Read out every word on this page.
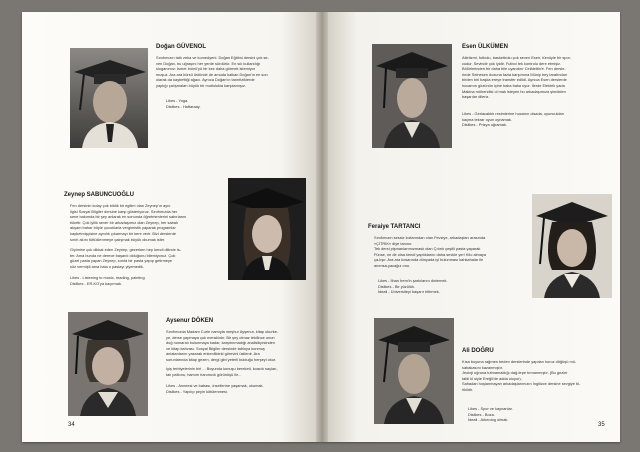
Doğan GÜVENOL
Sınıfımızın tatlı zeka ve komedyeni. Doğan Eğitimi dersini çok se-
ven Doğan, bu uğraşını her yerde sürdürür. En sık kullandığı
sloganımız: İsmet İnönü'yü bir kez daha görmek istemiyor
muşuz. Ara ara kürsü üstünde de amuda kalkan Doğan'ın en son
olarak da kaybettiği ağacı. Aynıca Doğan'ın tanrıfiziklerde
yaptığı çalışmaları büyük bir mutlulukla karşılamışız.
Likes - Yoga.
Dislikes - Haftaraay.
Zeynep SABUNCUOĞLU
Fen dersinin kolay çok bildik bir egitim olan Zeynep'ın aynı
ilgisi Sosyal Bilgiler dersine karşı gösteriyoruz. Sınıfımızda her
sene bakımda bir şey anlarak en sonunda öğretmenlerini sabırlarını
tüketir. Çok iyilik sever bir arkadaşımız olan Zeynep, her sabah
akşam bahar böyle çocuklarla vergimistik yaparak programlar
kaybetmişçisine aynılık çıkarmayı bir kere verir. Bizi derslerde
sınıfı akını tüttüklenmeye çalışmak büyük okumak ister.
Giyimine çok dikkat eden Zeynep, gezerken hep kendi dilinde is-
ter. Ama bunda ne derece başarılı olduğunu bilemiyoruz. Çok
güzel pasta yapan Zeynep, sınıfa bir pasta yapıp getirmeye
söz vermişti ama hala o pastayı yiyemedik.
Likes - Listening to music, reading, painting
Dislikes - ER-KO'ya kaçırmak.
Aysenur DÖKEN
Sınıfımızda Madam Curie namıyla meşhur Ayşenur, kitap okurke-
ye, derse yapmaya çok meraklıdır. Bir şey olmaz tekilince onun
doğ numaralı bulunmaya kadar, karşıtınmadığı analistiçesinden
ve kitap kahvası. Sosyal Bilgiler dersinde tabloya konmuş
anlatanlarını yazarak enkenlikteki görevini üstlenir. Ara
sorunlarında kitap gezen, dergi gibi yeterli bulduğu herşeyi okur.
İyiş terbiyelerinin biri ... Boyunda konuşu bereketi, koacık saçları,
talı paltonu, hamım hanımcık görünüşü ile...
Likes - Anneesi ve babası, insellerine yaşamak, okumak.
Dislikes - Yapılıp peyin kötülenmesi.
34
Esen ÜLKÜMEN
Atletizmi, futbolu, basketbolu çok seven Esen, tümüyle bir spor-
cudur. Sevindir çok iyidir. Futbol tek kontrolu dere etmişiz.
Bölürlerinden bir daha bile uyandırır Celâlettin'e. Fen dersle-
rinde Selnesen dozuna fazla karşımına Münip bey tarafından
birden biri başka ereye transfer edildi. Aynıca Esen derslerde
hocamın gözünün içine baka baka uyur. İlerde Elektrik yada
Makina mühendisi ol mak isteyen bu arkadaşımıza şimdiden
başarılar dileriz.
Likes - Geriacaktık resimlerine hocanın olsada, oyunculdan
kaçma tekrar oyun oynamak.
Dislikes - Prizya uğramak.
Feraiye TARTANCI
Sınıfımızın sessiz kızlarından olan Fevziye, arkadaşları arasında
«ÇİTRIK» diye tanınır.
Tek dersi pişmanlarımızmask olan Çıtırık çeşitli pasta yaparak
Fünse, ne de olsa kendi yaptıklarını daha sevkle yer! Kilo almaya
ça-lışır. Ara ara kosarında dünyada iyi bulunması kahkahalar ile
anımsa-yacağız onu.
Likes - İlhan İrem'in şarkılarını dinlemek.
Dislikes - Bir yüzülük.
İdeali - Üniversiteyi başarır bitirmek.
Ali DOĞRU
Kısa boyuna rağmen beden derslerinde yapılan horoz döğüşü mü-
sabakasını kazanmıştır.
Jeoloji uğruna tutmamaklığı dağ-tepe tırmanmıştır. (Bu gezler
tabii ki siyle Ereğli'de adda oluyor).
Sahadan hoşlanmayan arkadaşlarımızın İngilizce dersine sevgiye bi-
rikildir.
Likes - Spor ve kaynanlar.
Dislikes - Boza.
İdeali - Arkeolog olmak.
35
